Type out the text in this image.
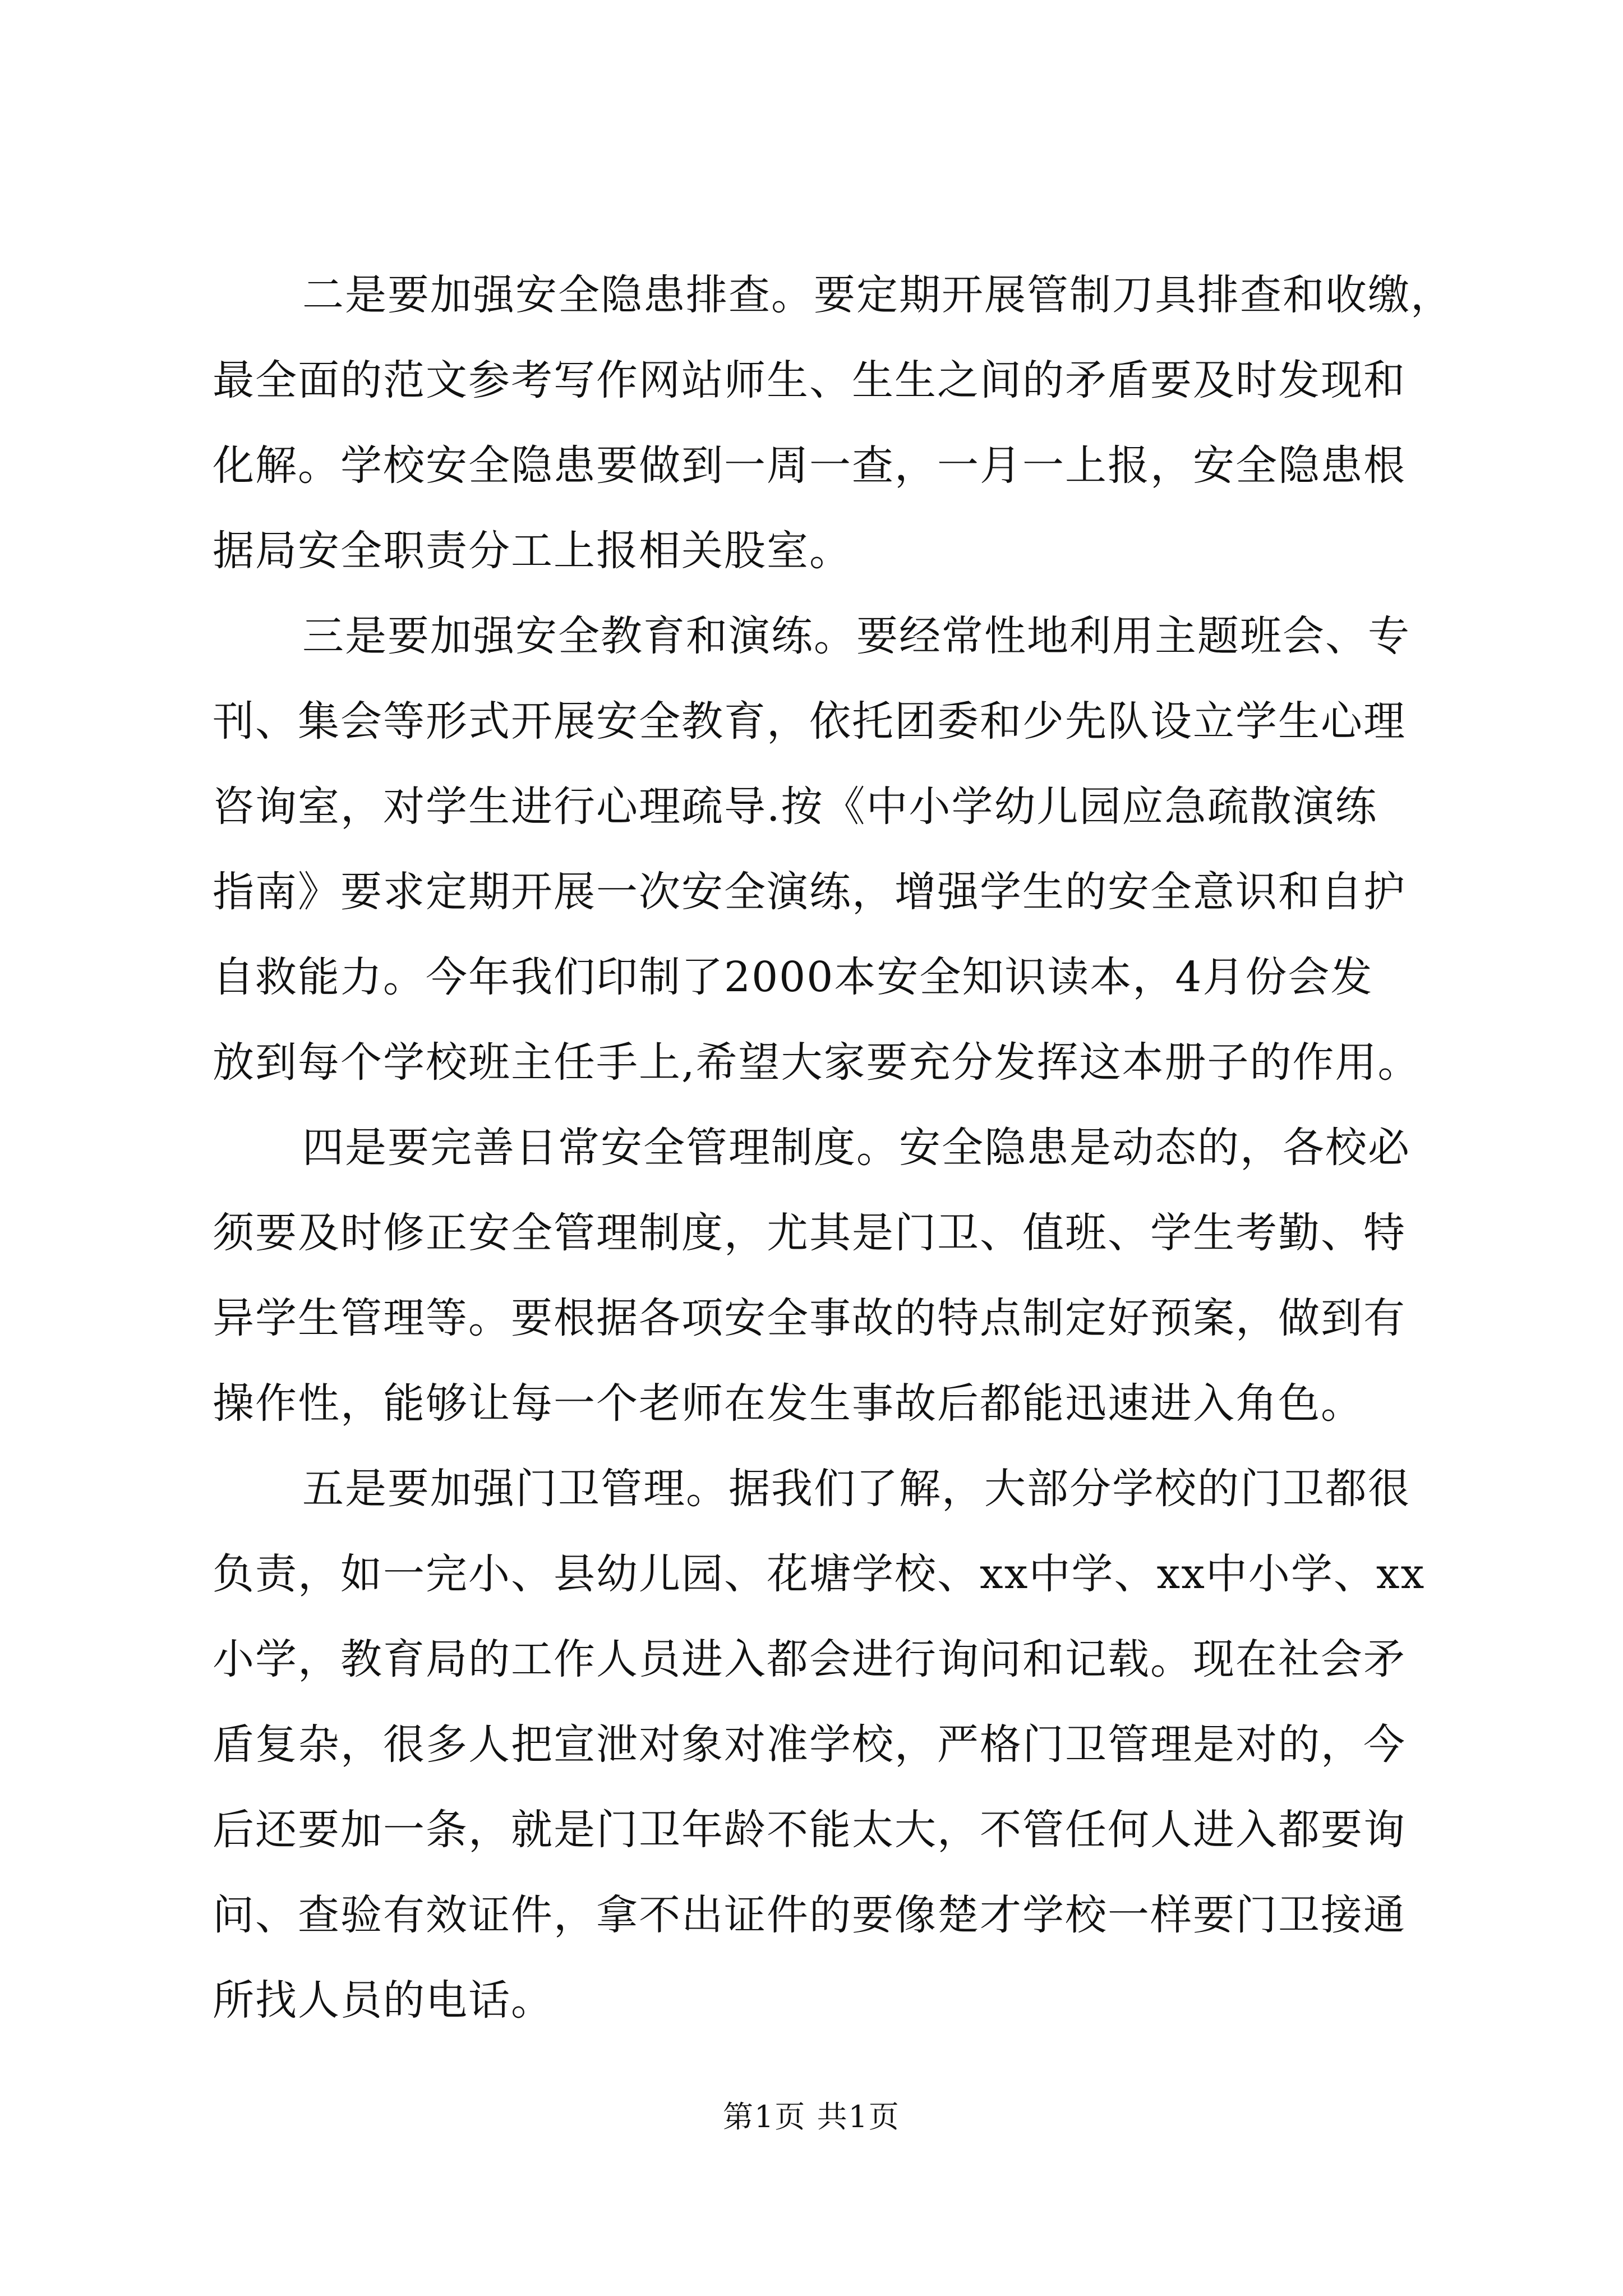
二是要加强安全隐患排查。要定期开展管制刀具排查和收缴，
最全面的范文参考写作网站师生、生生之间的矛盾要及时发现和
化解。学校安全隐患要做到一周一查，一月一上报，安全隐患根
据局安全职责分工上报相关股室。
三是要加强安全教育和演练。要经常性地利用主题班会、专
刊、集会等形式开展安全教育，依托团委和少先队设立学生心理
咨询室，对学生进行心理疏导.按《中小学幼儿园应急疏散演练
指南》要求定期开展一次安全演练，增强学生的安全意识和自护
自救能力。今年我们印制了2000本安全知识读本，4月份会发
放到每个学校班主任手上,希望大家要充分发挥这本册子的作用。
四是要完善日常安全管理制度。安全隐患是动态的，各校必
须要及时修正安全管理制度，尤其是门卫、值班、学生考勤、特
异学生管理等。要根据各项安全事故的特点制定好预案，做到有
操作性，能够让每一个老师在发生事故后都能迅速进入角色。
五是要加强门卫管理。据我们了解，大部分学校的门卫都很
负责，如一完小、县幼儿园、花塘学校、xx中学、xx中小学、xx
小学，教育局的工作人员进入都会进行询问和记载。现在社会矛
盾复杂，很多人把宣泄对象对准学校，严格门卫管理是对的，今
后还要加一条，就是门卫年龄不能太大，不管任何人进入都要询
问、查验有效证件，拿不出证件的要像楚才学校一样要门卫接通
所找人员的电话。
第1页 共1页
